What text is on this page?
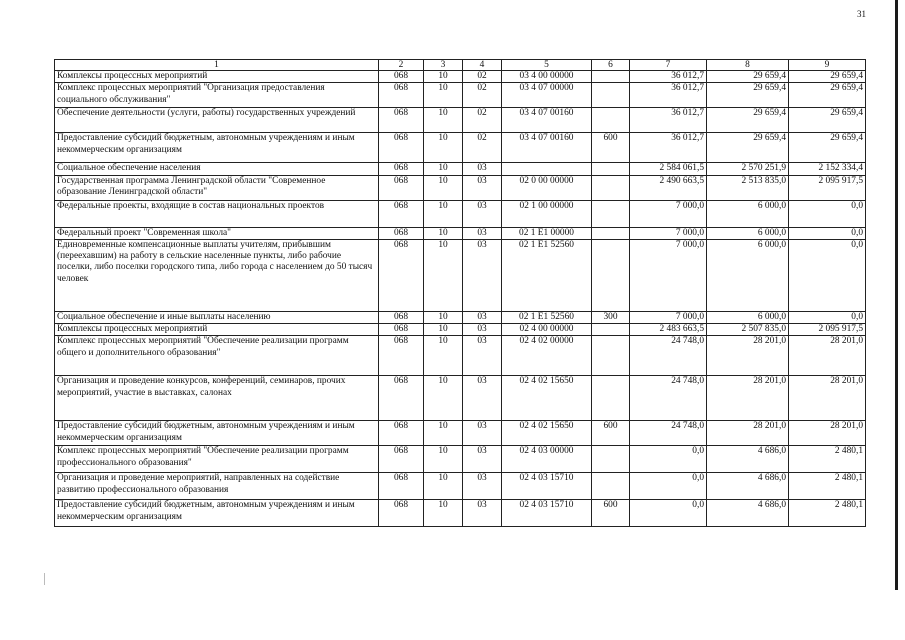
31
1	2	3	4	5	6	7	8	9
Комплексы процессных мероприятий	068	10	02	03 4 00 00000		36 012,7	29 659,4	29 659,4
Комплекс процессных мероприятий "Организация предоставления социального обслуживания"	068	10	02	03 4 07 00000		36 012,7	29 659,4	29 659,4
Обеспечение деятельности (услуги, работы) государственных учреждений	068	10	02	03 4 07 00160		36 012,7	29 659,4	29 659,4
Предоставление субсидий бюджетным, автономным учреждениям и иным некоммерческим организациям	068	10	02	03 4 07 00160	600	36 012,7	29 659,4	29 659,4
Социальное обеспечение населения	068	10	03			2 584 061,5	2 570 251,9	2 152 334,4
Государственная программа Ленинградской области "Современное образование Ленинградской области"	068	10	03	02 0 00 00000		2 490 663,5	2 513 835,0	2 095 917,5
Федеральные проекты, входящие в состав национальных проектов	068	10	03	02 1 00 00000		7 000,0	6 000,0	0,0
Федеральный проект "Современная школа"	068	10	03	02 1 E1 00000		7 000,0	6 000,0	0,0
Единовременные компенсационные выплаты учителям, прибывшим (переехавшим) на работу в сельские населенные пункты, либо рабочие поселки, либо поселки городского типа, либо города с населением до 50 тысяч человек	068	10	03	02 1 E1 52560		7 000,0	6 000,0	0,0
Социальное обеспечение и иные выплаты населению	068	10	03	02 1 E1 52560	300	7 000,0	6 000,0	0,0
Комплексы процессных мероприятий	068	10	03	02 4 00 00000		2 483 663,5	2 507 835,0	2 095 917,5
Комплекс процессных мероприятий "Обеспечение реализации программ общего и дополнительного образования"	068	10	03	02 4 02 00000		24 748,0	28 201,0	28 201,0
Организация и проведение конкурсов, конференций, семинаров, прочих мероприятий, участие в выставках, салонах	068	10	03	02 4 02 15650		24 748,0	28 201,0	28 201,0
Предоставление субсидий бюджетным, автономным учреждениям и иным некоммерческим организациям	068	10	03	02 4 02 15650	600	24 748,0	28 201,0	28 201,0
Комплекс процессных мероприятий "Обеспечение реализации программ профессионального образования"	068	10	03	02 4 03 00000		0,0	4 686,0	2 480,1
Организация и проведение мероприятий, направленных на содействие развитию профессионального образования	068	10	03	02 4 03 15710		0,0	4 686,0	2 480,1
Предоставление субсидий бюджетным, автономным учреждениям и иным некоммерческим организациям	068	10	03	02 4 03 15710	600	0,0	4 686,0	2 480,1
